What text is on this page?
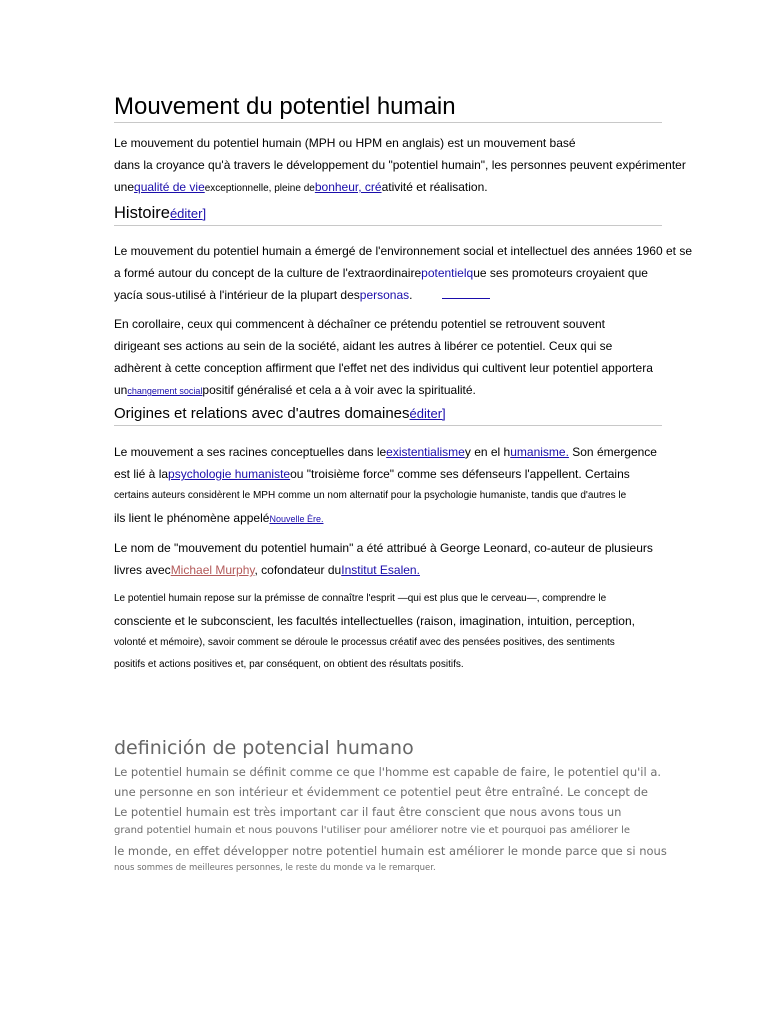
Mouvement du potentiel humain
Le mouvement du potentiel humain (MPH ou HPM en anglais) est un mouvement basé
dans la croyance qu'à travers le développement du "potentiel humain", les personnes peuvent expérimenter
unequalité de vieexceptionnelle, pleine debonheur, créativité et réalisation.
Histoireéditer]
Le mouvement du potentiel humain a émergé de l'environnement social et intellectuel des années 1960 et se
a formé autour du concept de la culture de l'extraordinairepotentielque ses promoteurs croyaient que
yacía sous-utilisé à l'intérieur de la plupart despersonas.
En corollaire, ceux qui commencent à déchaîner ce prétendu potentiel se retrouvent souvent
dirigeant ses actions au sein de la société, aidant les autres à libérer ce potentiel. Ceux qui se
adhèrent à cette conception affirment que l'effet net des individus qui cultivent leur potentiel apportera
unchangement socialpositif généralisé et cela a à voir avec la spiritualité.
Origines et relations avec d'autres domaineséditer]
Le mouvement a ses racines conceptuelles dans leexistentialismey en el humanisme. Son émergence
est lié à lapsychologie humanisteou "troisième force" comme ses défenseurs l'appellent. Certains
certains auteurs considèrent le MPH comme un nom alternatif pour la psychologie humaniste, tandis que d'autres le
ils lient le phénomène appeléNouvelle Ère.
Le nom de "mouvement du potentiel humain" a été attribué à George Leonard, co-auteur de plusieurs
livres avecMichael Murphy, cofondateur duInstitut Esalen.
Le potentiel humain repose sur la prémisse de connaître l'esprit —qui est plus que le cerveau—, comprendre le
consciente et le subconscient, les facultés intellectuelles (raison, imagination, intuition, perception,
volonté et mémoire), savoir comment se déroule le processus créatif avec des pensées positives, des sentiments
positifs et actions positives et, par conséquent, on obtient des résultats positifs.
definición de potencial humano
Le potentiel humain se définit comme ce que l'homme est capable de faire, le potentiel qu'il a.
une personne en son intérieur et évidemment ce potentiel peut être entraîné. Le concept de
Le potentiel humain est très important car il faut être conscient que nous avons tous un
grand potentiel humain et nous pouvons l'utiliser pour améliorer notre vie et pourquoi pas améliorer le
le monde, en effet développer notre potentiel humain est améliorer le monde parce que si nous
nous sommes de meilleures personnes, le reste du monde va le remarquer.
